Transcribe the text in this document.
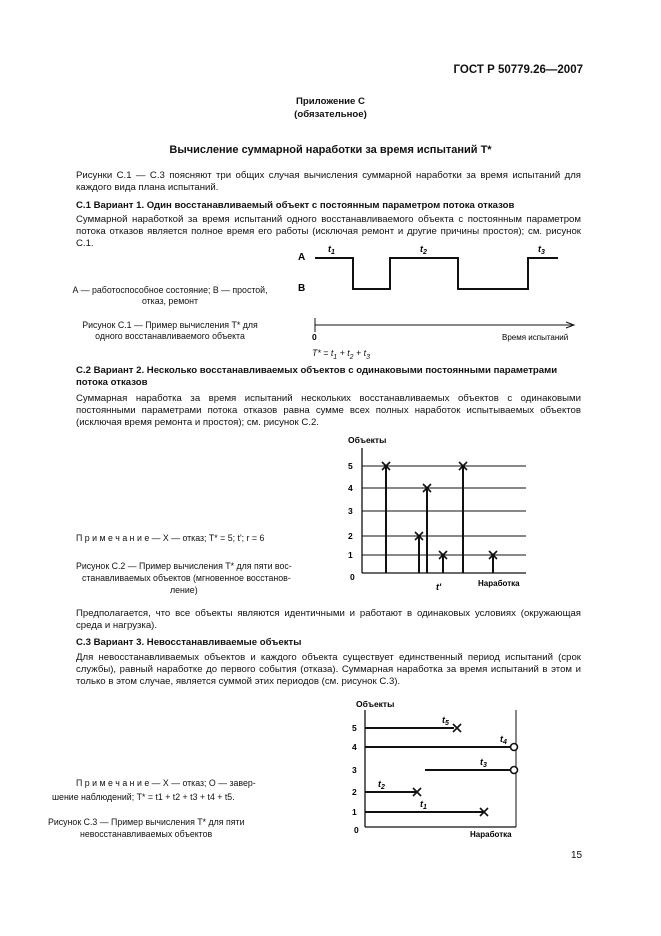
ГОСТ Р 50779.26—2007
Приложение С
(обязательное)
Вычисление суммарной наработки за время испытаний T*
Рисунки С.1 — С.3 поясняют три общих случая вычисления суммарной наработки за время испытаний для каждого вида плана испытаний.
С.1 Вариант 1. Один восстанавливаемый объект с постоянным параметром потока отказов
Суммарной наработкой за время испытаний одного восстанавливаемого объекта с постоянным параметром потока отказов является полное время его работы (исключая ремонт и другие причины простоя); см. рисунок С.1.
А — работоспособное состояние; В — простой,
отказ, ремонт
Рисунок С.1 — Пример вычисления T* для
одного восстанавливаемого объекта
A
B
$t_1$	$t_2$	$t_3$
0	Время испытаний
$T* = t_1 + t_2 + t_3$
С.2 Вариант 2. Несколько восстанавливаемых объектов с одинаковыми постоянными параметрами
потока отказов
Суммарная наработка за время испытаний нескольких восстанавливаемых объектов с одинаковыми постоянными параметрами потока отказов равна сумме всех полных наработок испытываемых объектов (исключая время ремонта и простоя); см. рисунок С.2.
Объекты
5
4
3
2
1
0
t'	Наработка
П р и м е ч а н и е — X — отказ; T* = 5; t'; r = 6
Рисунок С.2 — Пример вычисления T* для пяти вос-
станавливаемых объектов (мгновенное восстанов-
ление)
Предполагается, что все объекты являются идентичными и работают в одинаковых условиях (окружающая среда и нагрузка).
С.3 Вариант 3. Невосстанавливаемые объекты
Для невосстанавливаемых объектов и каждого объекта существует единственный период испытаний (срок службы), равный наработке до первого события (отказа). Суммарная наработка за время испытаний в этом и только в этом случае, является суммой этих периодов (см. рисунок С.3).
Объекты
5
4
3
2
1
0
$t_5$
$t_4$
$t_3$
$t_2$
$t_1$
Наработка
П р и м е ч а н и е — X — отказ; О — завер-
шение наблюдений; T* = t1 + t2 + t3 + t4 + t5.
Рисунок С.3 — Пример вычисления T* для пяти
невосстанавливаемых объектов
15
